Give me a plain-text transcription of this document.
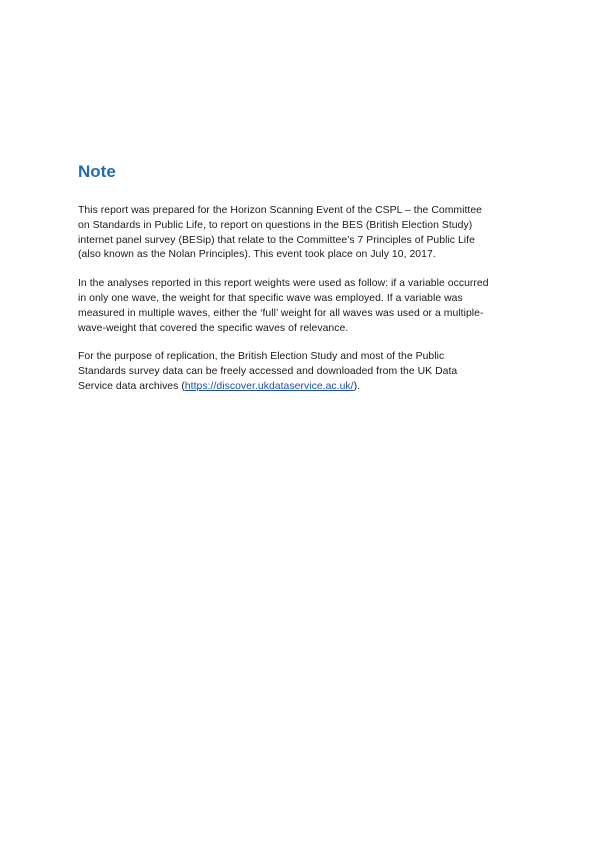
Note

This report was prepared for the Horizon Scanning Event of the CSPL – the Committee
on Standards in Public Life, to report on questions in the BES (British Election Study)
internet panel survey (BESip) that relate to the Committee’s 7 Principles of Public Life
(also known as the Nolan Principles). This event took place on July 10, 2017.

In the analyses reported in this report weights were used as follow: if a variable occurred
in only one wave, the weight for that specific wave was employed. If a variable was
measured in multiple waves, either the ‘full’ weight for all waves was used or a multiple-
wave-weight that covered the specific waves of relevance.

For the purpose of replication, the British Election Study and most of the Public
Standards survey data can be freely accessed and downloaded from the UK Data
Service data archives (https://discover.ukdataservice.ac.uk/).
